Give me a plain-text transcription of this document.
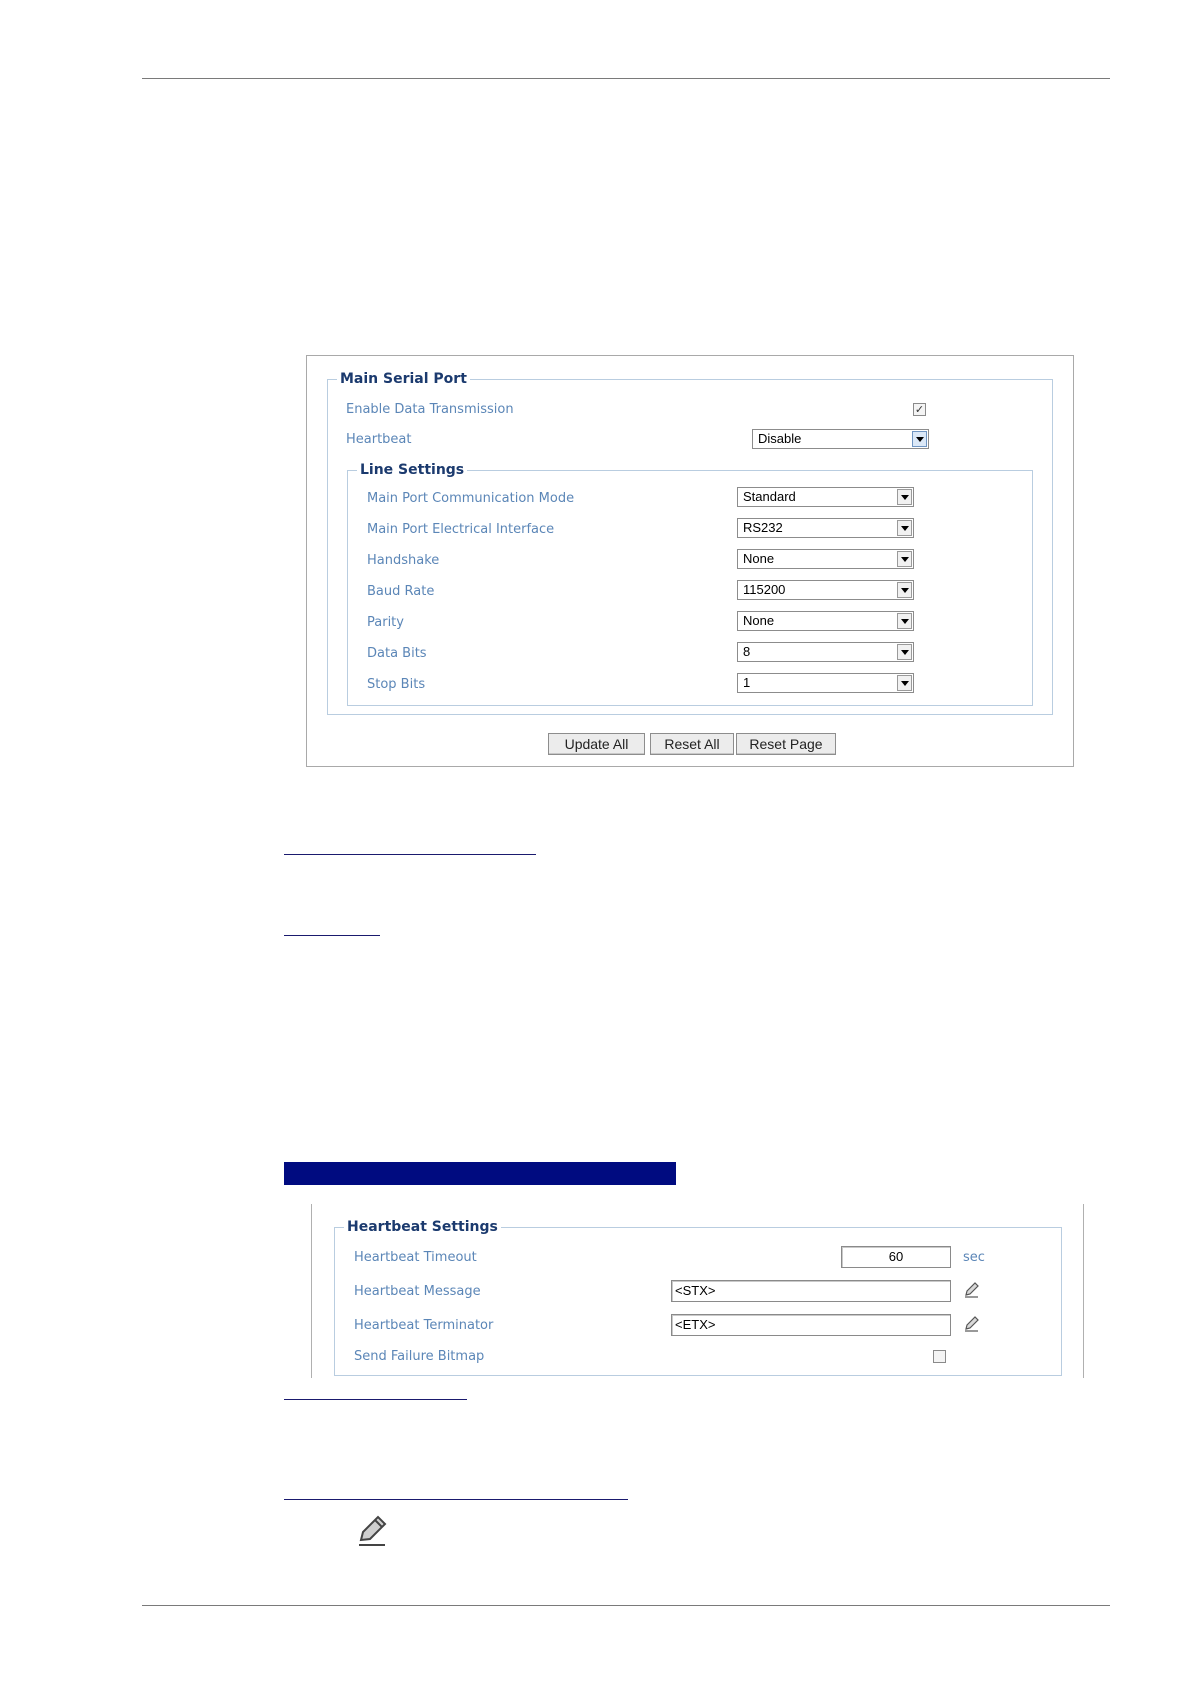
Main Serial Port
Enable Data Transmission	✓
Heartbeat	Disable
Line Settings
Main Port Communication Mode	Standard
Main Port Electrical Interface	RS232
Handshake	None
Baud Rate	115200
Parity	None
Data Bits	8
Stop Bits	1
Update All	Reset All	Reset Page
Heartbeat Settings
Heartbeat Timeout	60	sec
Heartbeat Message	<STX>
Heartbeat Terminator	<ETX>
Send Failure Bitmap
